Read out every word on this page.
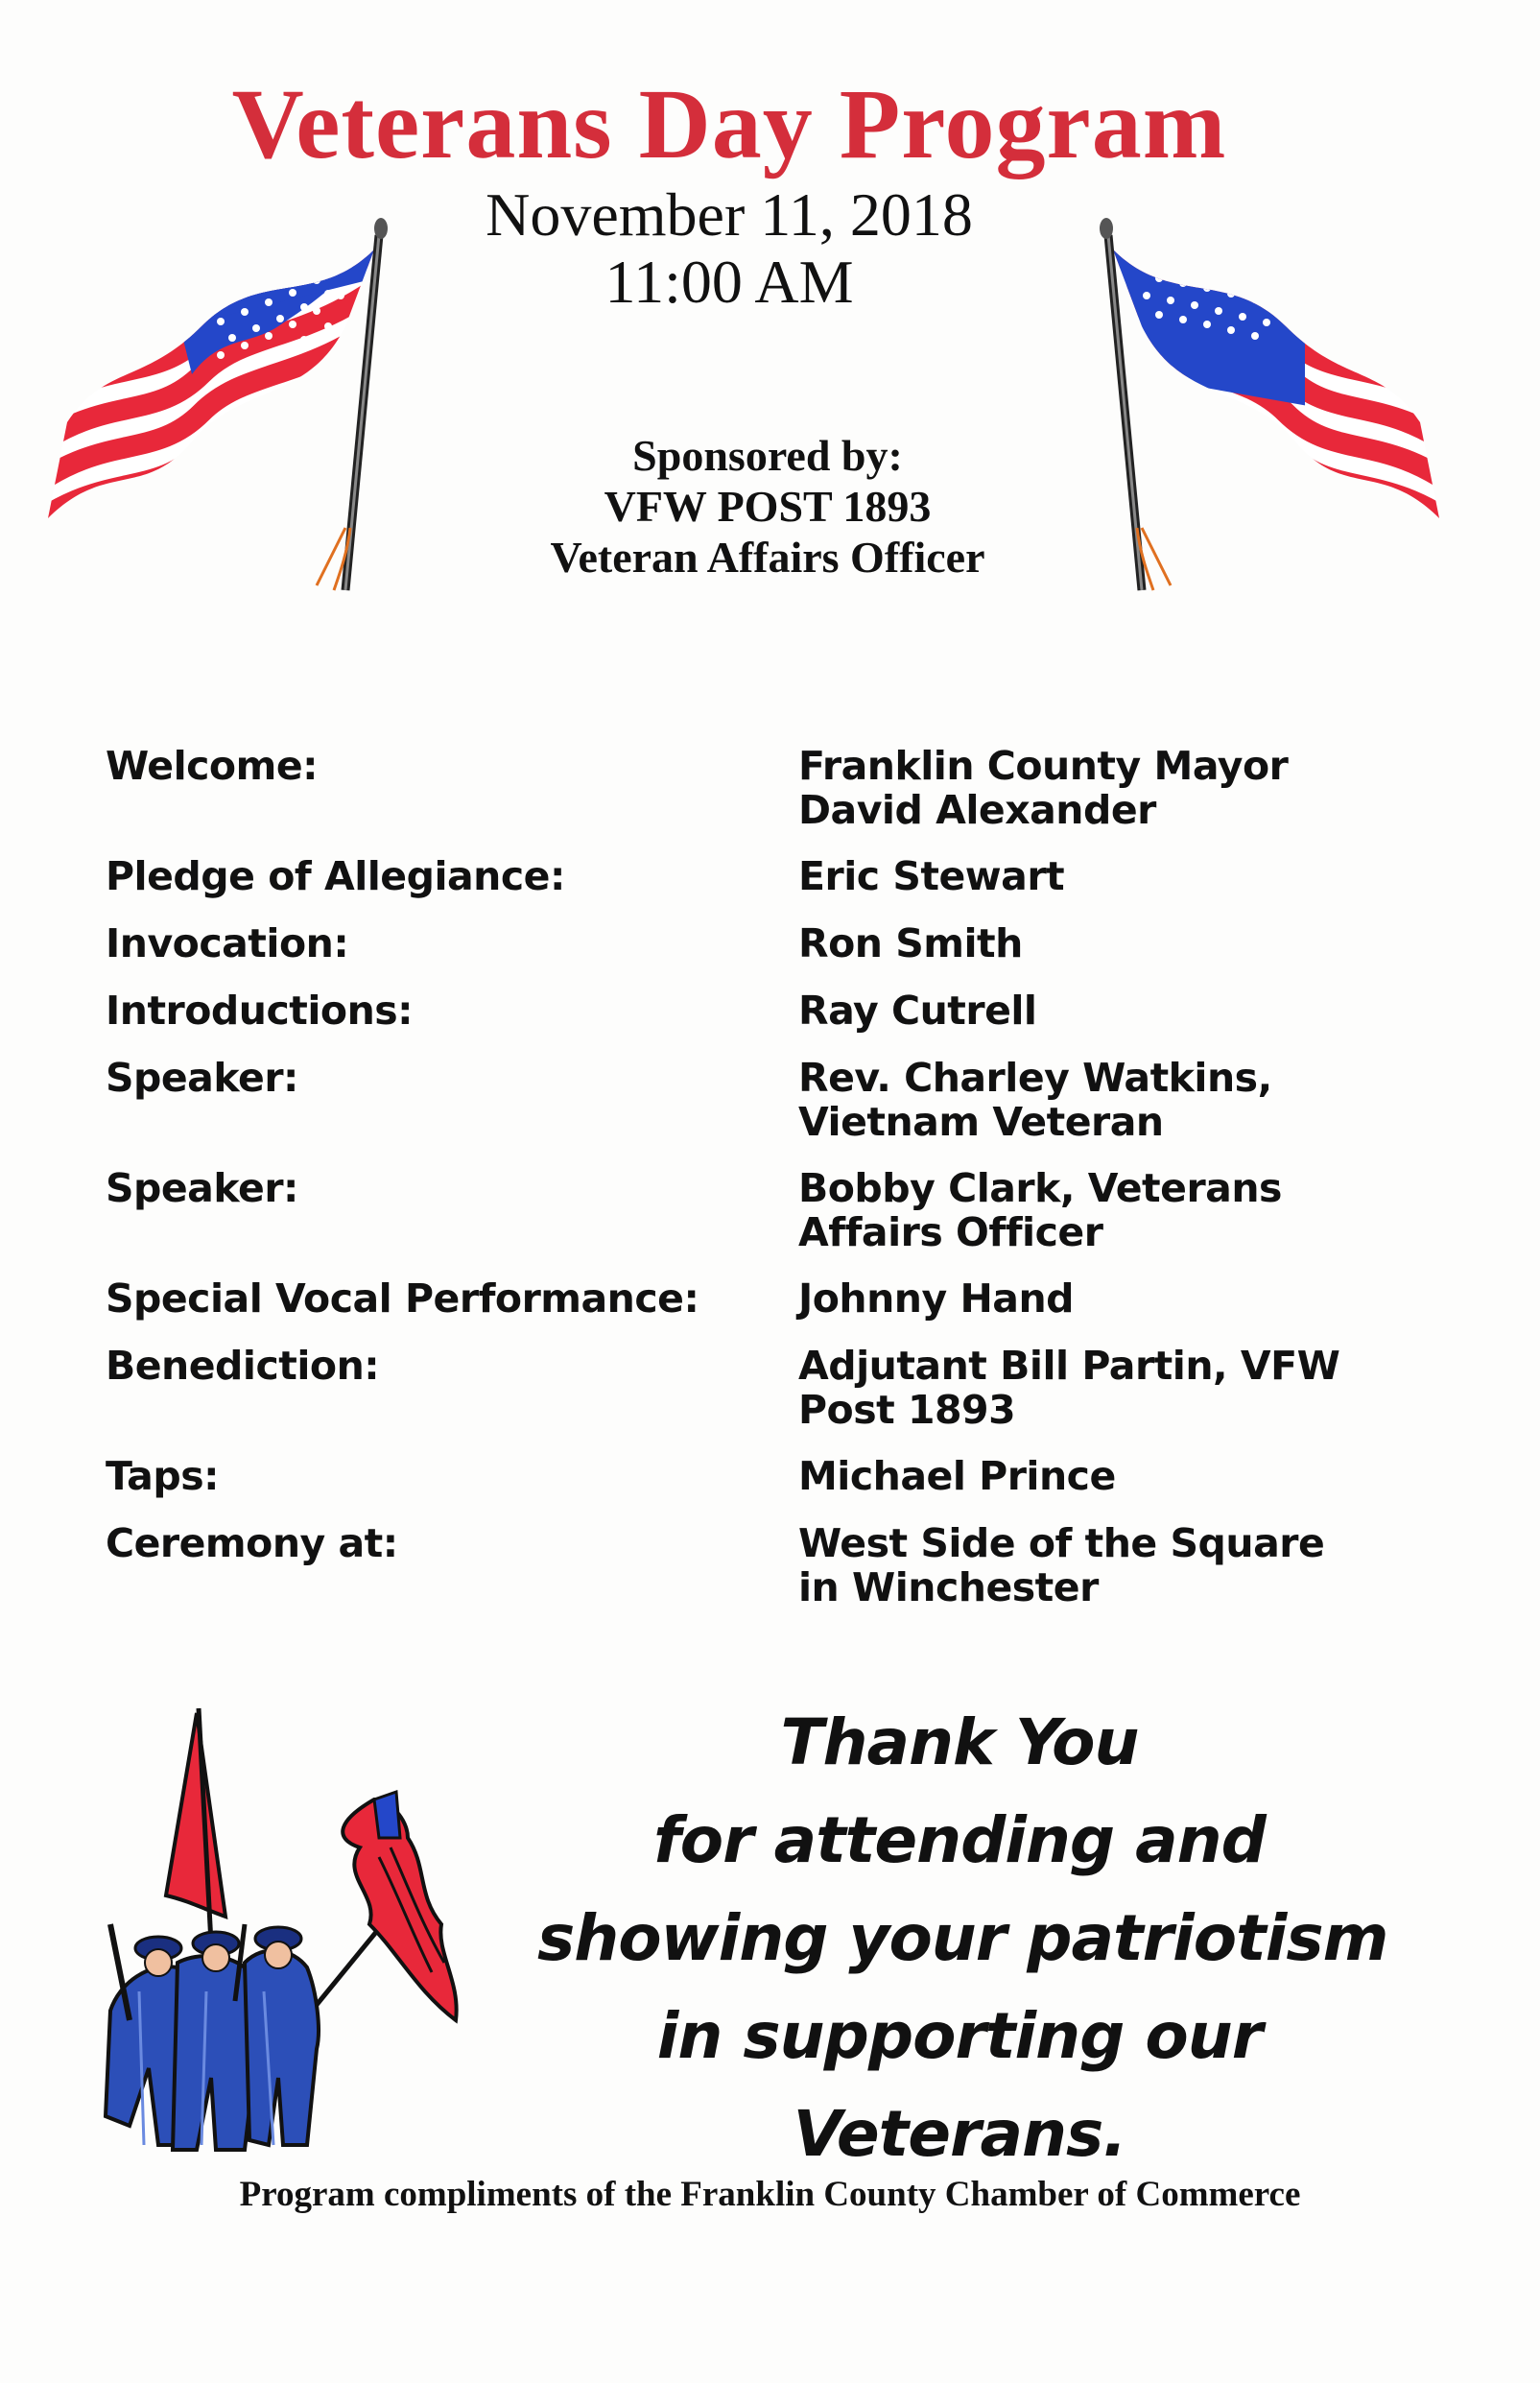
Veterans Day Program
November 11, 2018
11:00 AM
Sponsored by:
VFW POST 1893
Veteran Affairs Officer
Welcome:	Franklin County Mayor
David Alexander
Pledge of Allegiance:	Eric Stewart
Invocation:	Ron Smith
Introductions:	Ray Cutrell
Speaker:	Rev. Charley Watkins,
Vietnam Veteran
Speaker:	Bobby Clark, Veterans
Affairs Officer
Special Vocal Performance:	Johnny Hand
Benediction:	Adjutant Bill Partin, VFW
Post 1893
Taps:	Michael Prince
Ceremony at:	West Side of the Square
in Winchester
Thank You
for attending and
showing your patriotism
in supporting our
Veterans.
Program compliments of the Franklin County Chamber of Commerce
